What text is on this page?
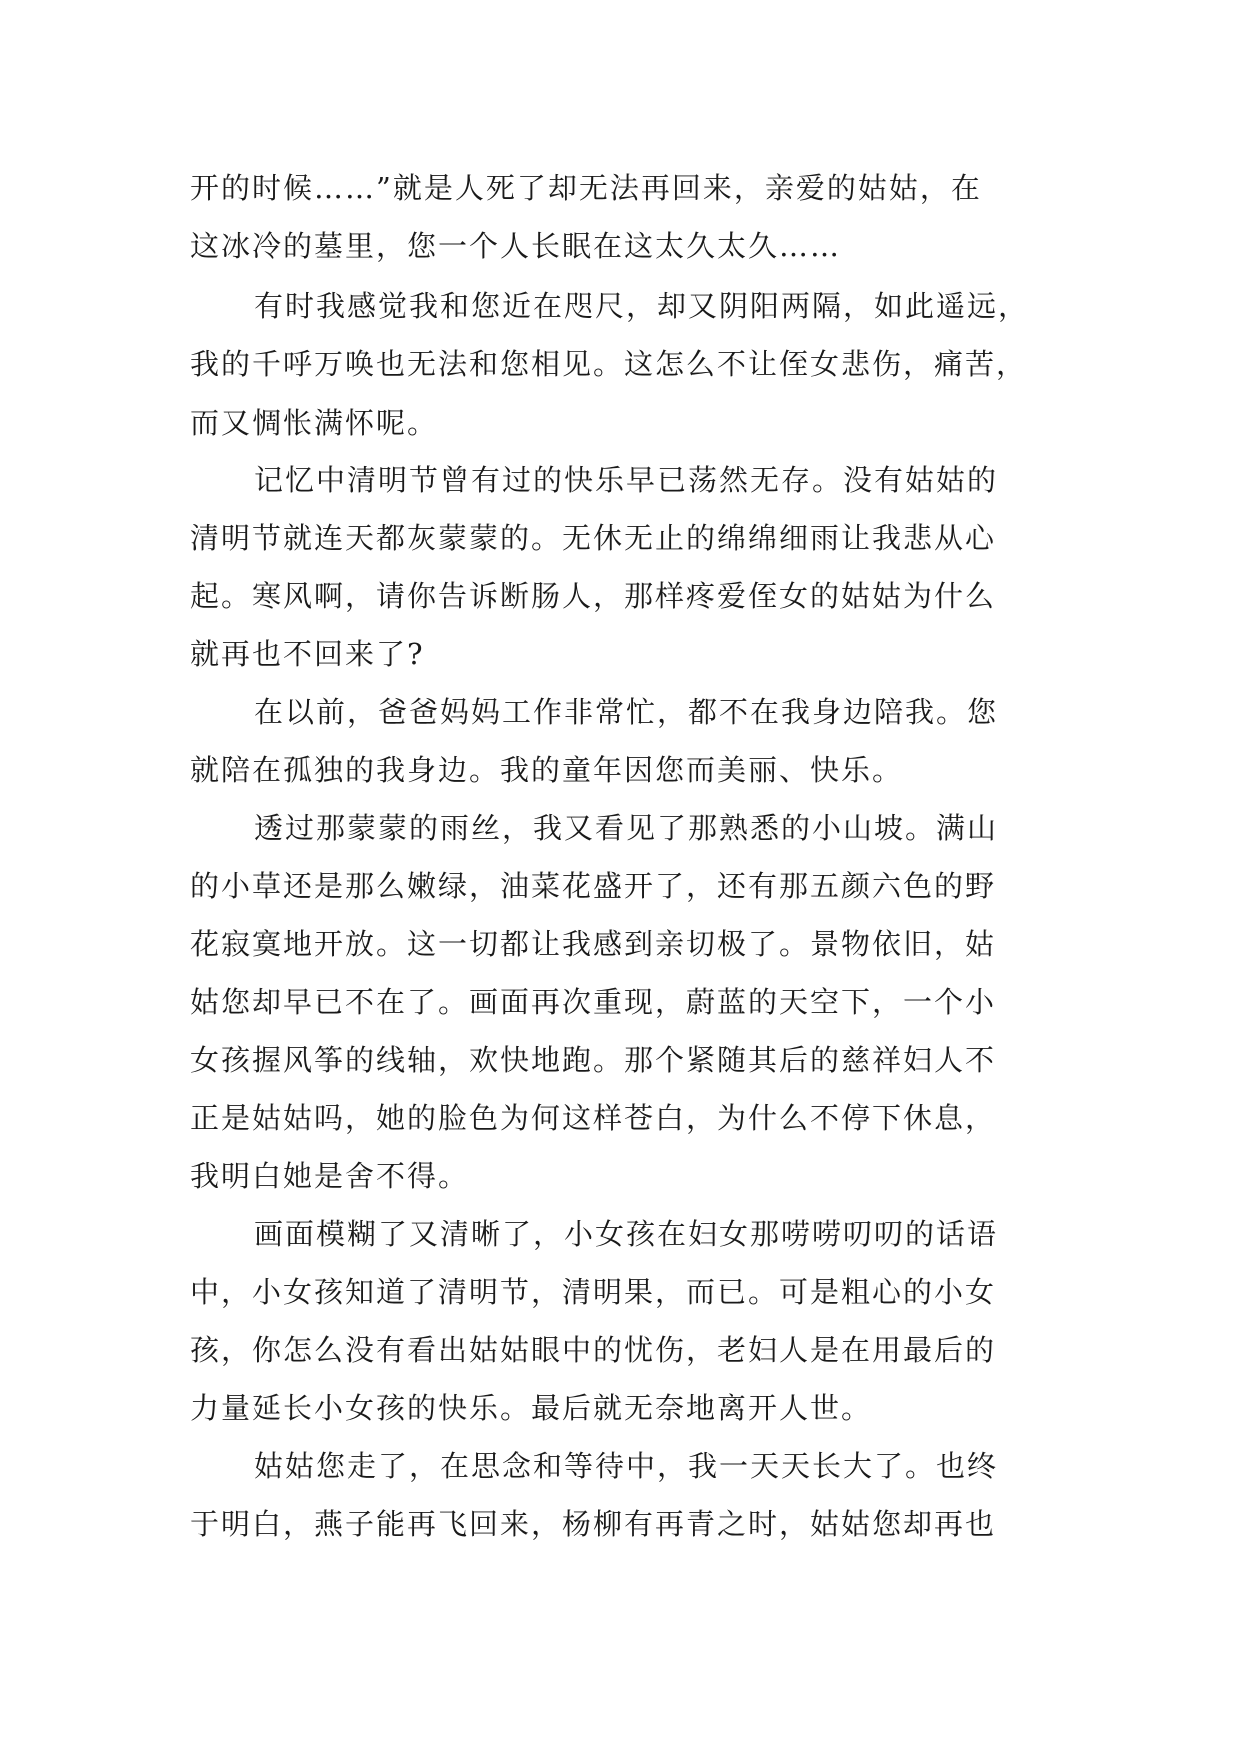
开的时候……”就是人死了却无法再回来，亲爱的姑姑，在
这冰冷的墓里，您一个人长眠在这太久太久……
有时我感觉我和您近在咫尺，却又阴阳两隔，如此遥远，
我的千呼万唤也无法和您相见。这怎么不让侄女悲伤，痛苦，
而又惆怅满怀呢。
记忆中清明节曾有过的快乐早已荡然无存。没有姑姑的
清明节就连天都灰蒙蒙的。无休无止的绵绵细雨让我悲从心
起。寒风啊，请你告诉断肠人，那样疼爱侄女的姑姑为什么
就再也不回来了?
在以前，爸爸妈妈工作非常忙，都不在我身边陪我。您
就陪在孤独的我身边。我的童年因您而美丽、快乐。
透过那蒙蒙的雨丝，我又看见了那熟悉的小山坡。满山
的小草还是那么嫩绿，油菜花盛开了，还有那五颜六色的野
花寂寞地开放。这一切都让我感到亲切极了。景物依旧，姑
姑您却早已不在了。画面再次重现，蔚蓝的天空下，一个小
女孩握风筝的线轴，欢快地跑。那个紧随其后的慈祥妇人不
正是姑姑吗，她的脸色为何这样苍白，为什么不停下休息，
我明白她是舍不得。
画面模糊了又清晰了，小女孩在妇女那唠唠叨叨的话语
中，小女孩知道了清明节，清明果，而已。可是粗心的小女
孩，你怎么没有看出姑姑眼中的忧伤，老妇人是在用最后的
力量延长小女孩的快乐。最后就无奈地离开人世。
姑姑您走了，在思念和等待中，我一天天长大了。也终
于明白，燕子能再飞回来，杨柳有再青之时，姑姑您却再也
